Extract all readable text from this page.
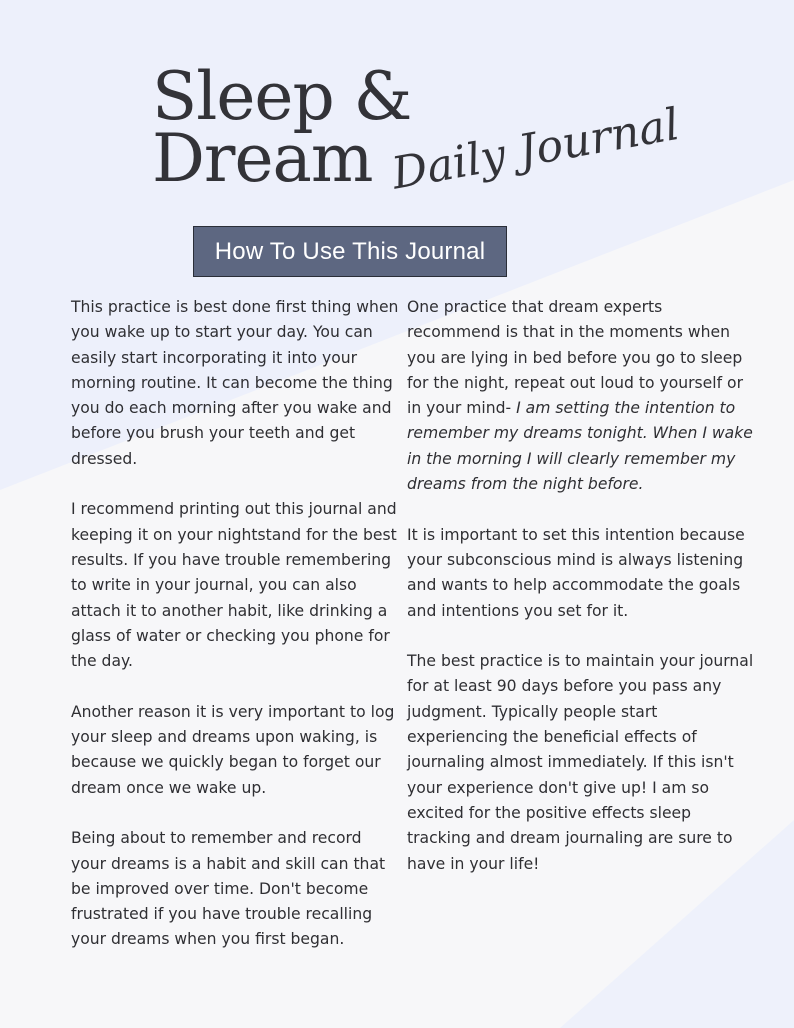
Sleep &
Dream Daily Journal
How To Use This Journal

This practice is best done first thing when you wake up to start your day. You can easily start incorporating it into your morning routine. It can become the thing you do each morning after you wake and before you brush your teeth and get dressed.

I recommend printing out this journal and keeping it on your nightstand for the best results. If you have trouble remembering to write in your journal, you can also attach it to another habit, like drinking a glass of water or checking you phone for the day.

Another reason it is very important to log your sleep and dreams upon waking, is because we quickly began to forget our dream once we wake up.

Being about to remember and record your dreams is a habit and skill can that be improved over time. Don't become frustrated if you have trouble recalling your dreams when you first began.

One practice that dream experts recommend is that in the moments when you are lying in bed before you go to sleep for the night, repeat out loud to yourself or in your mind- I am setting the intention to remember my dreams tonight. When I wake in the morning I will clearly remember my dreams from the night before.

It is important to set this intention because your subconscious mind is always listening and wants to help accommodate the goals and intentions you set for it.

The best practice is to maintain your journal for at least 90 days before you pass any judgment. Typically people start experiencing the beneficial effects of journaling almost immediately. If this isn't your experience don't give up! I am so excited for the positive effects sleep tracking and dream journaling are sure to have in your life!
